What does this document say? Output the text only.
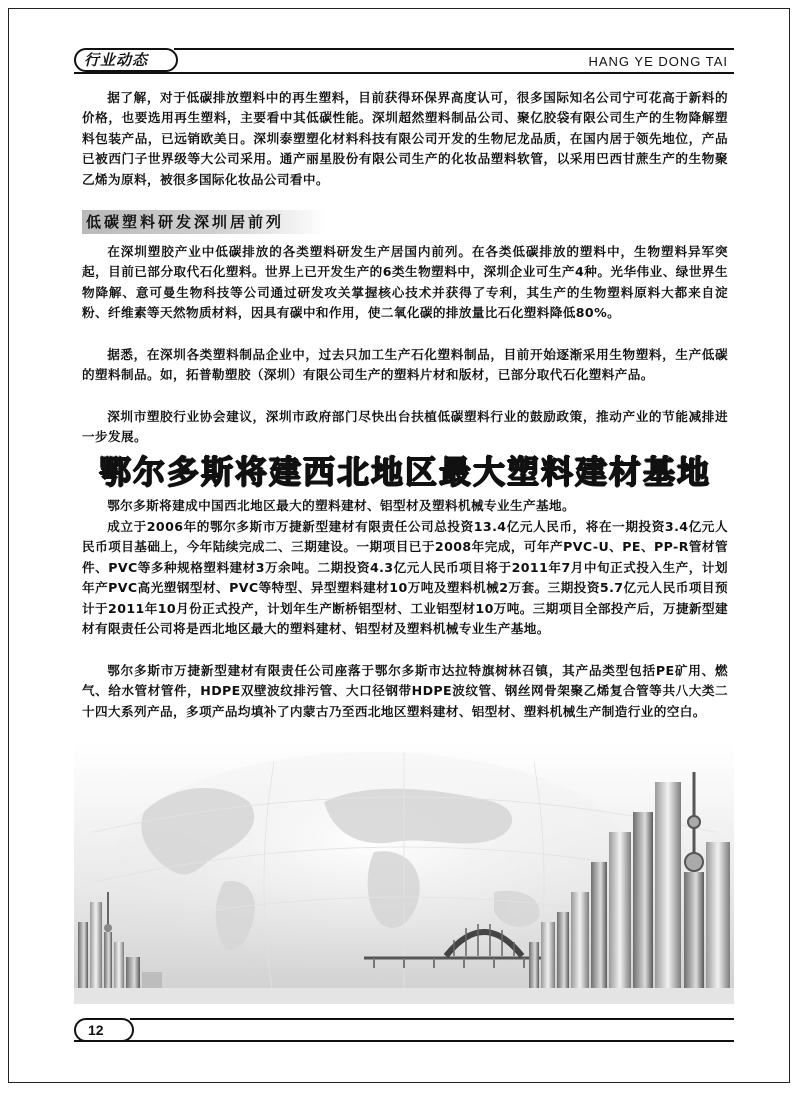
行业动态	HANG YE DONG TAI

据了解，对于低碳排放塑料中的再生塑料，目前获得环保界高度认可，很多国际知名公司宁可花高于新料的价格，也要选用再生塑料，主要看中其低碳性能。深圳超然塑料制品公司、聚亿胶袋有限公司生产的生物降解塑料包装产品，已远销欧美日。深圳泰塑塑化材料科技有限公司开发的生物尼龙品质，在国内居于领先地位，产品已被西门子世界级等大公司采用。通产丽星股份有限公司生产的化妆品塑料软管，以采用巴西甘蔗生产的生物聚乙烯为原料，被很多国际化妆品公司看中。

低碳塑料研发深圳居前列

在深圳塑胶产业中低碳排放的各类塑料研发生产居国内前列。在各类低碳排放的塑料中，生物塑料异军突起，目前已部分取代石化塑料。世界上已开发生产的6类生物塑料中，深圳企业可生产4种。光华伟业、绿世界生物降解、意可曼生物科技等公司通过研发攻关掌握核心技术并获得了专利，其生产的生物塑料原料大都来自淀粉、纤维素等天然物质材料，因具有碳中和作用，使二氧化碳的排放量比石化塑料降低80%。

据悉，在深圳各类塑料制品企业中，过去只加工生产石化塑料制品，目前开始逐渐采用生物塑料，生产低碳的塑料制品。如，拓普勒塑胶（深圳）有限公司生产的塑料片材和版材，已部分取代石化塑料产品。

深圳市塑胶行业协会建议，深圳市政府部门尽快出台扶植低碳塑料行业的鼓励政策，推动产业的节能减排进一步发展。

鄂尔多斯将建西北地区最大塑料建材基地

鄂尔多斯将建成中国西北地区最大的塑料建材、铝型材及塑料机械专业生产基地。

成立于2006年的鄂尔多斯市万捷新型建材有限责任公司总投资13.4亿元人民币，将在一期投资3.4亿元人民币项目基础上，今年陆续完成二、三期建设。一期项目已于2008年完成，可年产PVC-U、PE、PP-R管材管件、PVC等多种规格塑料建材3万余吨。二期投资4.3亿元人民币项目将于2011年7月中旬正式投入生产，计划年产PVC高光塑钢型材、PVC等特型、异型塑料建材10万吨及塑料机械2万套。三期投资5.7亿元人民币项目预计于2011年10月份正式投产，计划年生产断桥铝型材、工业铝型材10万吨。三期项目全部投产后，万捷新型建材有限责任公司将是西北地区最大的塑料建材、铝型材及塑料机械专业生产基地。

鄂尔多斯市万捷新型建材有限责任公司座落于鄂尔多斯市达拉特旗树林召镇，其产品类型包括PE矿用、燃气、给水管材管件，HDPE双壁波纹排污管、大口径钢带HDPE波纹管、钢丝网骨架聚乙烯复合管等共八大类二十四大系列产品，多项产品均填补了内蒙古乃至西北地区塑料建材、铝型材、塑料机械生产制造行业的空白。

12
